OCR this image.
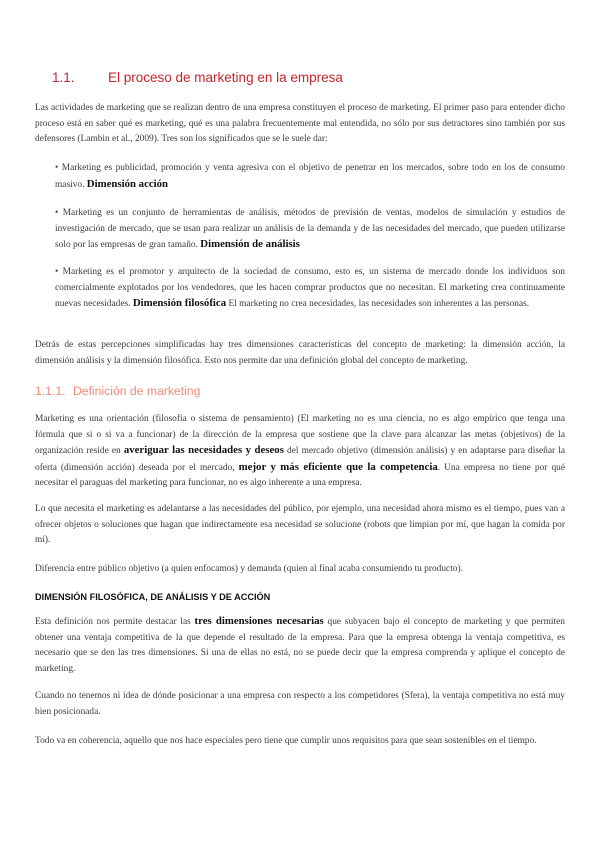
1.1. El proceso de marketing en la empresa

Las actividades de marketing que se realizan dentro de una empresa constituyen el proceso de marketing. El primer paso para entender dicho proceso está en saber qué es marketing, qué es una palabra frecuentemente mal entendida, no sólo por sus detractores sino también por sus defensores (Lambin et al., 2009). Tres son los significados que se le suele dar:

• Marketing es publicidad, promoción y venta agresiva con el objetivo de penetrar en los mercados, sobre todo en los de consumo masivo. Dimensión acción

• Marketing es un conjunto de herramientas de análisis, métodos de previsión de ventas, modelos de simulación y estudios de investigación de mercado, que se usan para realizar un análisis de la demanda y de las necesidades del mercado, que pueden utilizarse solo por las empresas de gran tamaño. Dimensión de análisis

• Marketing es el promotor y arquitecto de la sociedad de consumo, esto es, un sistema de mercado donde los individuos son comercialmente explotados por los vendedores, que les hacen comprar productos que no necesitan. El marketing crea continuamente nuevas necesidades. Dimensión filosófica El marketing no crea necesidades, las necesidades son inherentes a las personas.

Detrás de estas percepciones simplificadas hay tres dimensiones características del concepto de marketing: la dimensión acción, la dimensión análisis y la dimensión filosófica. Esto nos permite dar una definición global del concepto de marketing.

1.1.1. Definición de marketing

Marketing es una orientación (filosofía o sistema de pensamiento) (El marketing no es una ciencia, no es algo empírico que tenga una fórmula que si o si va a funcionar) de la dirección de la empresa que sostiene que la clave para alcanzar las metas (objetivos) de la organización reside en averiguar las necesidades y deseos del mercado objetivo (dimensión análisis) y en adaptarse para diseñar la oferta (dimensión acción) deseada por el mercado, mejor y más eficiente que la competencia. Una empresa no tiene por qué necesitar el paraguas del marketing para funcionar, no es algo inherente a una empresa.

Lo que necesita el marketing es adelantarse a las necesidades del público, por ejemplo, una necesidad ahora mismo es el tiempo, pues van a ofrecer objetos o soluciones que hagan que indirectamente esa necesidad se solucione (robots que limpian por mí, que hagan la comida por mí).

Diferencia entre público objetivo (a quien enfocamos) y demanda (quien al final acaba consumiendo tu producto).

DIMENSIÓN FILOSÓFICA, DE ANÁLISIS Y DE ACCIÓN

Esta definición nos permite destacar las tres dimensiones necesarias que subyacen bajo el concepto de marketing y que permiten obtener una ventaja competitiva de la que depende el resultado de la empresa. Para que la empresa obtenga la ventaja competitiva, es necesario que se den las tres dimensiones. Si una de ellas no está, no se puede decir que la empresa comprenda y aplique el concepto de marketing.

Cuando no tenemos ni idea de dónde posicionar a una empresa con respecto a los competidores (Sfera), la ventaja competitiva no está muy bien posicionada.

Todo va en coherencia, aquello que nos hace especiales pero tiene que cumplir unos requisitos para que sean sostenibles en el tiempo.
